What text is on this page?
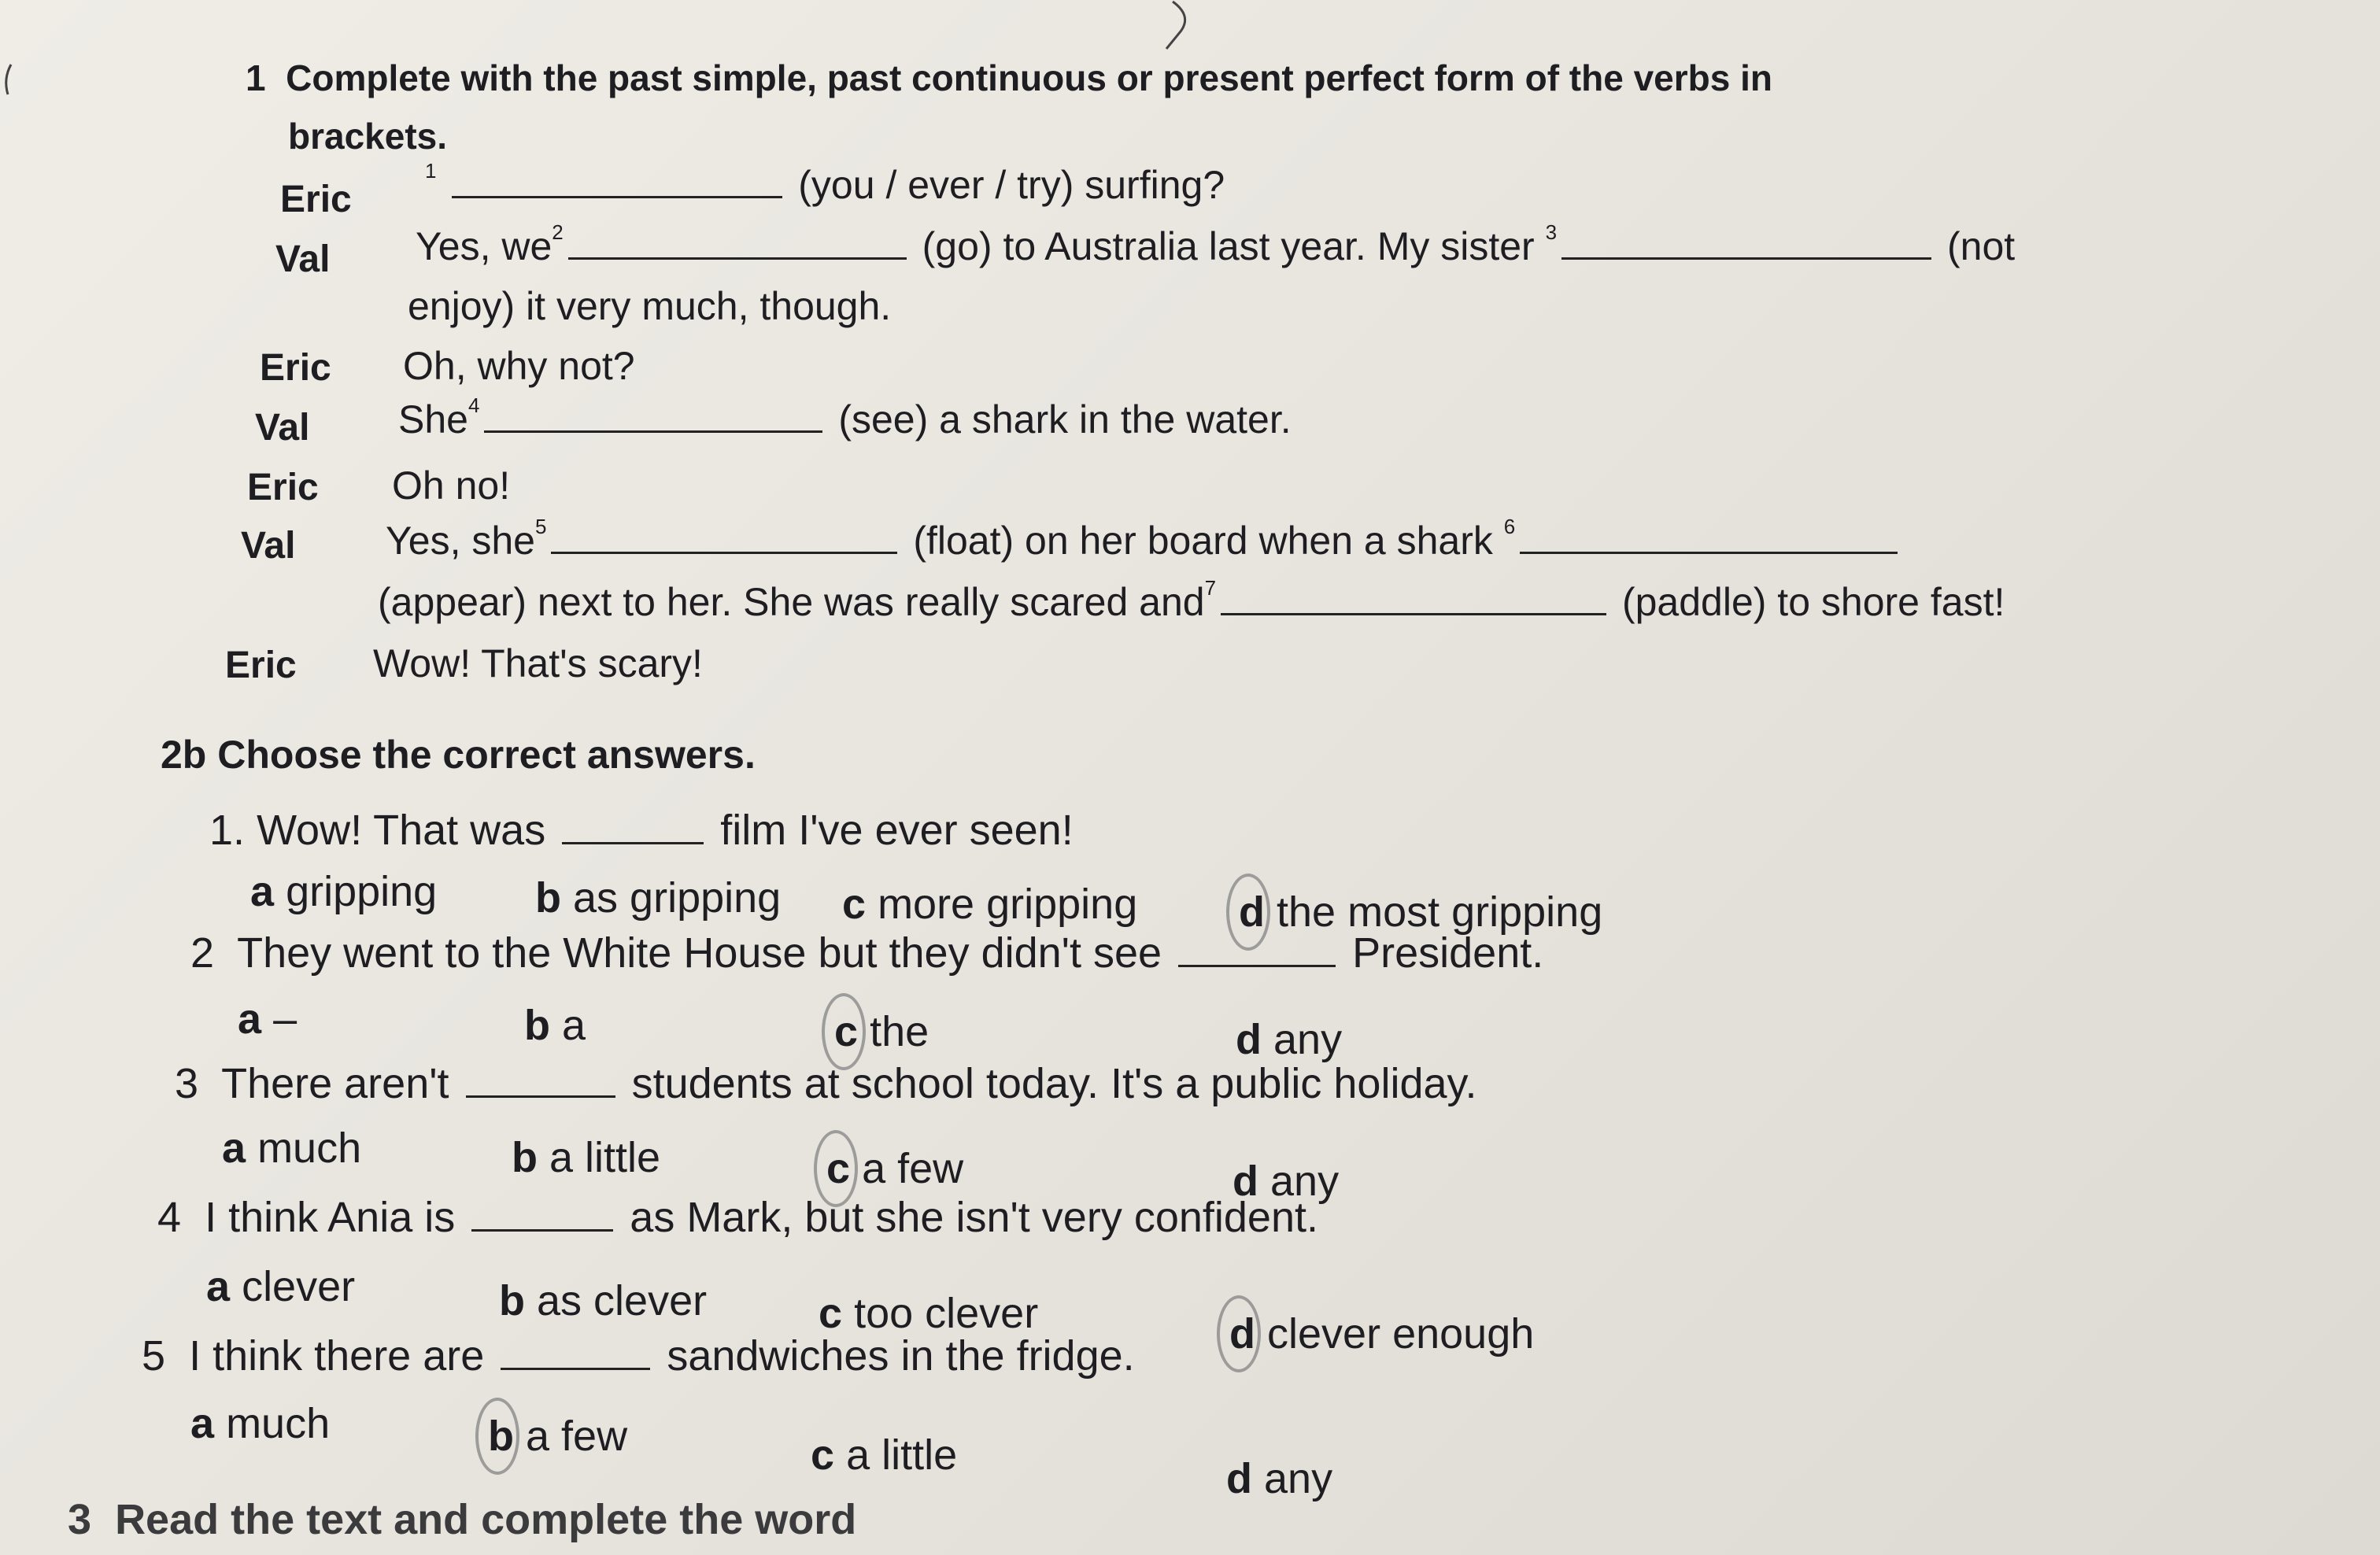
1 Complete with the past simple, past continuous or present perfect form of the verbs in
brackets.
Eric
$^1$	(you / ever / try) surfing?
Val Yes, $we^2$	(go) to Australia last year. My sister $^3$	(not
enjoy) it very much, though.
Eric Oh, why not?
Val She$^4$	(see) a shark in the water.
Eric Oh no!
Val Yes, she$^5$	(float) on her board when a shark $^6$
(appear) next to her. She was really scared and$^7$	(paddle) to shore fast!
Eric Wow! That's scary!
2b Choose the correct answers.
1. Wow! That was	film I've ever seen!
a gripping b as gripping c more gripping d the most gripping
2 They went to the White House but they didn't see	President.
a –	b a	c the	d any
3 There aren't	students at school today. It's a public holiday.
a much	b a little	c a few	d any
4 I think Ania is	as Mark, but she isn't very confident.
a clever	b as clever	c too clever	d clever enough
5 I think there are	sandwiches in the fridge.
a much	b a few	c a little	d any
3 Read the text and complete the word
